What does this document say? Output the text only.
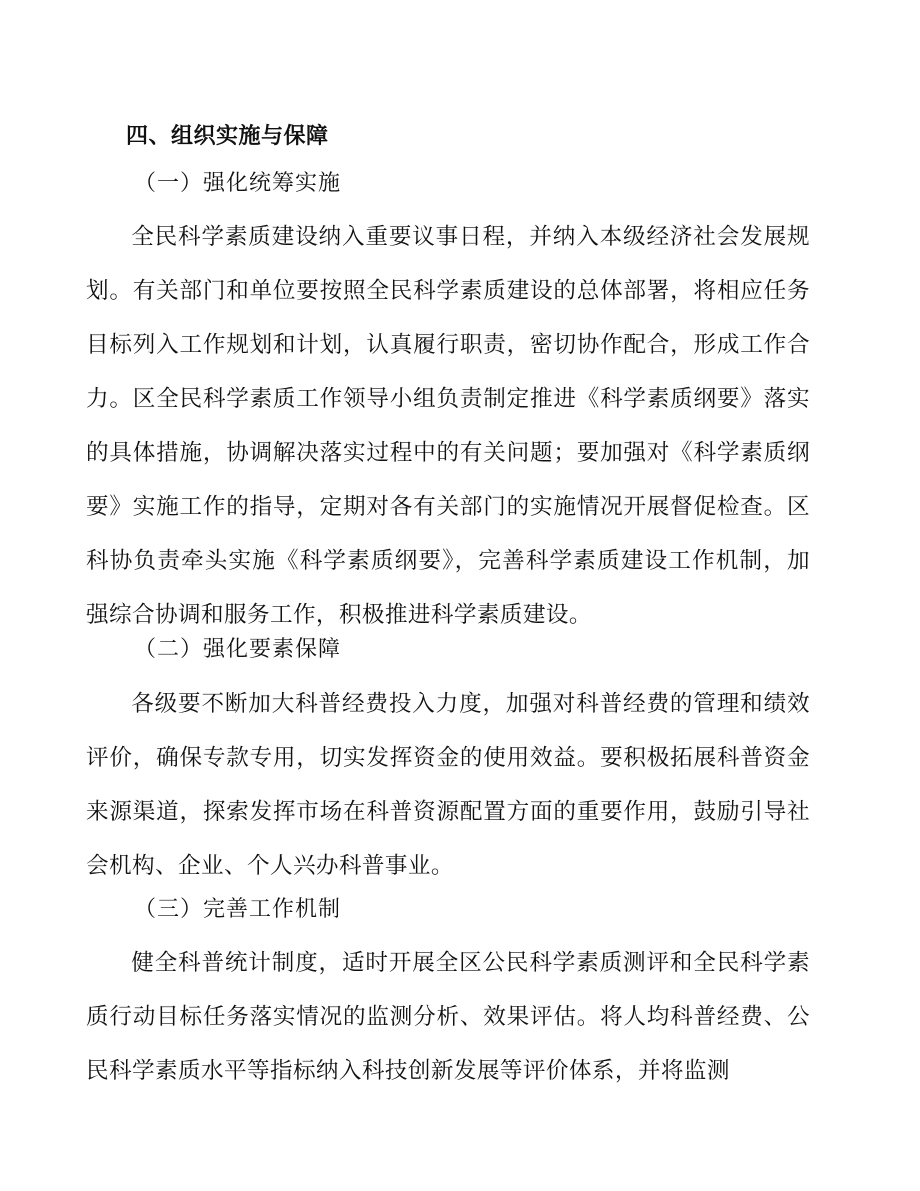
四、组织实施与保障
（一）强化统筹实施
全民科学素质建设纳入重要议事日程，并纳入本级经济社会发展规划。有关部门和单位要按照全民科学素质建设的总体部署，将相应任务目标列入工作规划和计划，认真履行职责，密切协作配合，形成工作合力。区全民科学素质工作领导小组负责制定推进《科学素质纲要》落实的具体措施，协调解决落实过程中的有关问题；要加强对《科学素质纲要》实施工作的指导，定期对各有关部门的实施情况开展督促检查。区科协负责牵头实施《科学素质纲要》，完善科学素质建设工作机制，加强综合协调和服务工作，积极推进科学素质建设。
（二）强化要素保障
各级要不断加大科普经费投入力度，加强对科普经费的管理和绩效评价，确保专款专用，切实发挥资金的使用效益。要积极拓展科普资金来源渠道，探索发挥市场在科普资源配置方面的重要作用，鼓励引导社会机构、企业、个人兴办科普事业。
（三）完善工作机制
健全科普统计制度，适时开展全区公民科学素质测评和全民科学素质行动目标任务落实情况的监测分析、效果评估。将人均科普经费、公民科学素质水平等指标纳入科技创新发展等评价体系，并将监测
